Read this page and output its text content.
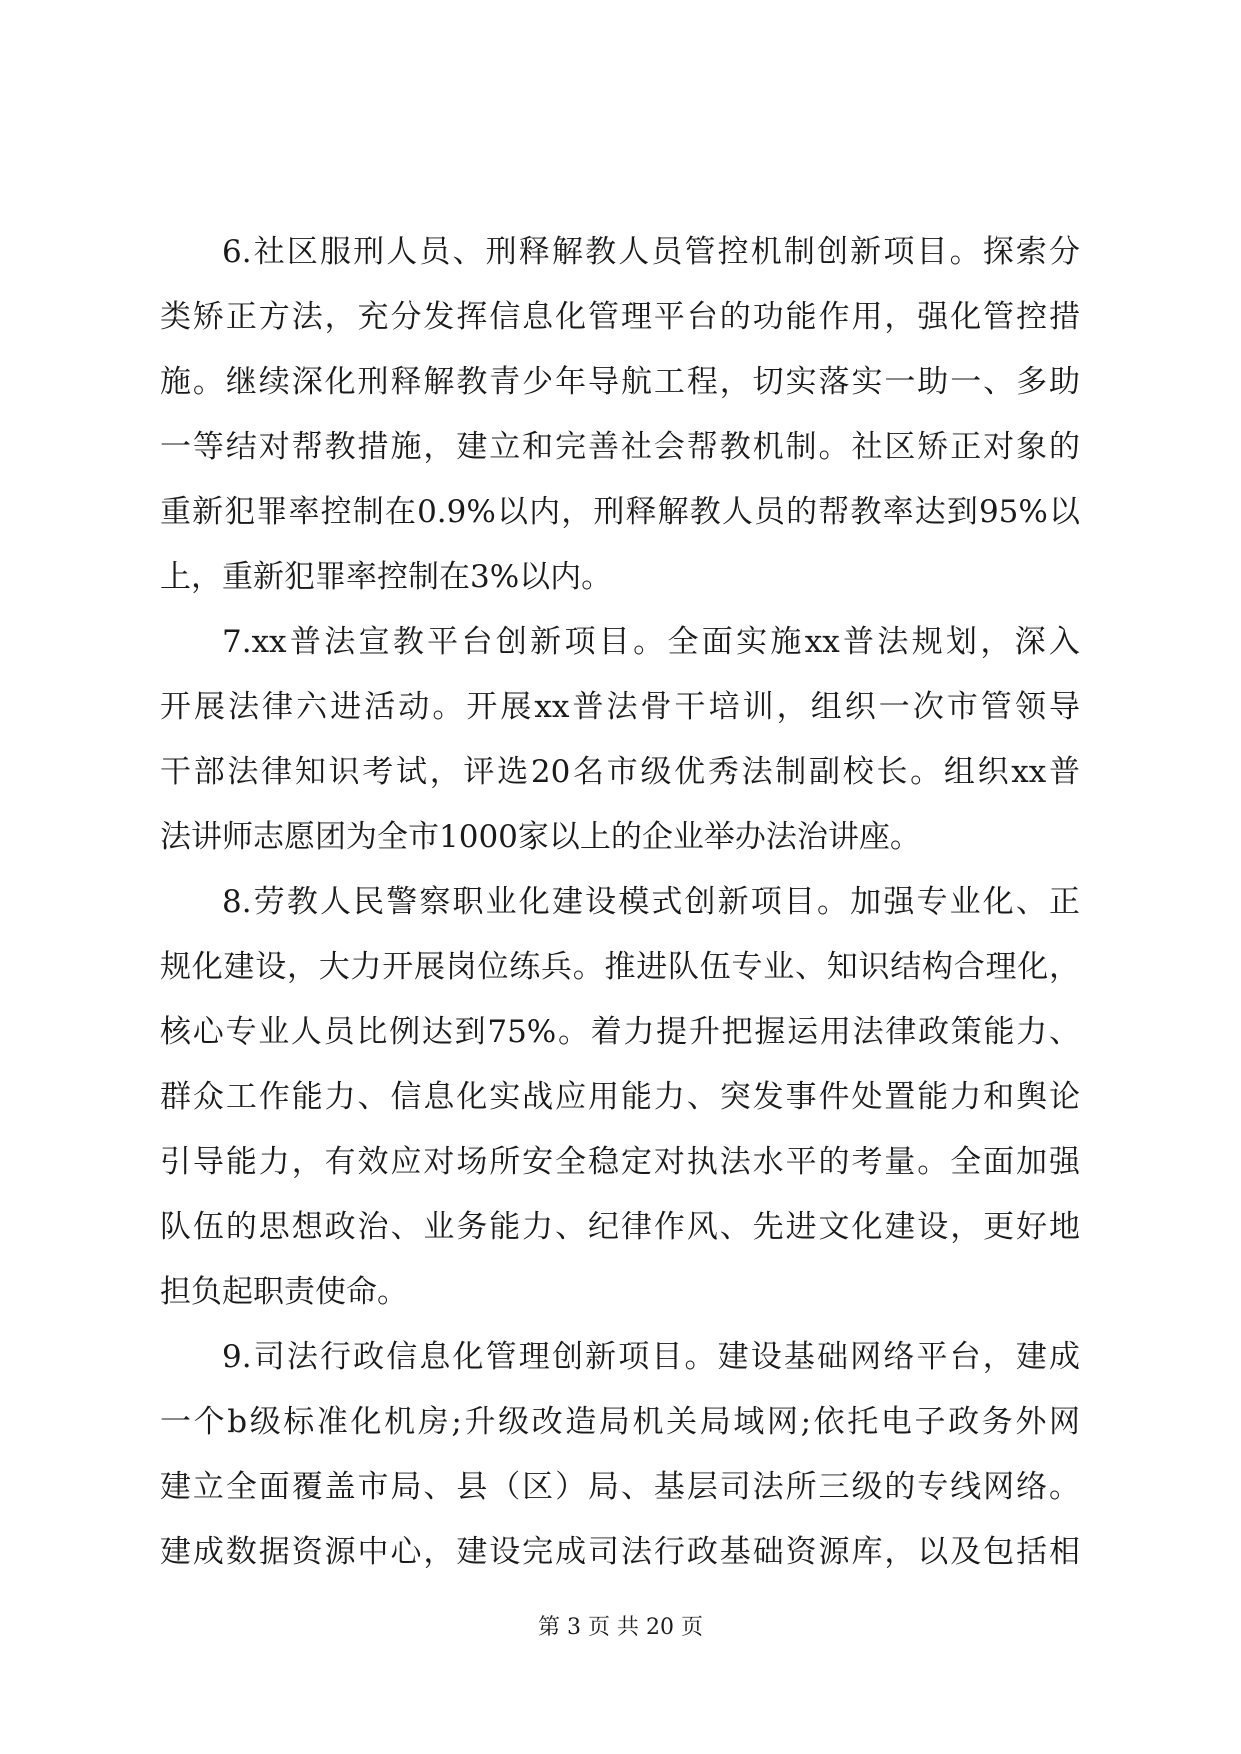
6.社区服刑人员、刑释解教人员管控机制创新项目。探索分
类矫正方法，充分发挥信息化管理平台的功能作用，强化管控措
施。继续深化刑释解教青少年导航工程，切实落实一助一、多助
一等结对帮教措施，建立和完善社会帮教机制。社区矫正对象的
重新犯罪率控制在0.9%以内，刑释解教人员的帮教率达到95%以
上，重新犯罪率控制在3%以内。
7.xx普法宣教平台创新项目。全面实施xx普法规划，深入
开展法律六进活动。开展xx普法骨干培训，组织一次市管领导
干部法律知识考试，评选20名市级优秀法制副校长。组织xx普
法讲师志愿团为全市1000家以上的企业举办法治讲座。
8.劳教人民警察职业化建设模式创新项目。加强专业化、正
规化建设，大力开展岗位练兵。推进队伍专业、知识结构合理化，
核心专业人员比例达到75%。着力提升把握运用法律政策能力、
群众工作能力、信息化实战应用能力、突发事件处置能力和舆论
引导能力，有效应对场所安全稳定对执法水平的考量。全面加强
队伍的思想政治、业务能力、纪律作风、先进文化建设，更好地
担负起职责使命。
9.司法行政信息化管理创新项目。建设基础网络平台，建成
一个b级标准化机房;升级改造局机关局域网;依托电子政务外网
建立全面覆盖市局、县（区）局、基层司法所三级的专线网络。
建成数据资源中心，建设完成司法行政基础资源库，以及包括相
第 3 页 共 20 页
